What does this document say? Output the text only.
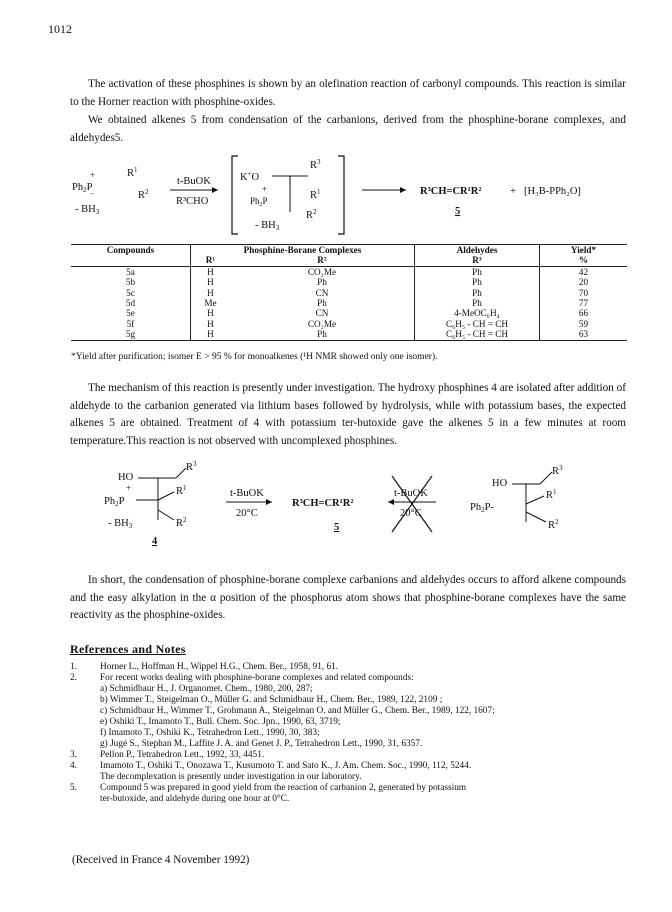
1012
The activation of these phosphines is shown by an olefination reaction of carbonyl compounds. This reaction is similar to the Horner reaction with phosphine-oxides.
We obtained alkenes 5 from condensation of the carbanions, derived from the phosphine-borane complexes, and aldehydes5.
+
Ph2P
⁻
- BH3
$R^1$
$R^2$
t-BuOK
R³CHO
K+O
$R^3$
+
$Ph_2P$	$R^1$
$R^2$
- BH3
R³CH=CR¹R²	+ [H₃B-PPh₂O]
5
Compounds	Phosphine-Borane Complexes		Aldehydes	Yield*
	R¹	R²	R³	%
5a	H	CO₂Me	Ph	42
5b	H	Ph	Ph	20
5c	H	CN	Ph	70
5d	Me	Ph	Ph	77
5e	H	CN	4-MeOC₆H₄	66
5f	H	CO₂Me	C₆H₅ - CH = CH	59
5g	H	Ph	C₆H₅ - CH = CH	63
*Yield after purification; isomer E > 95 % for monoalkenes (¹H NMR showed only one isomer).
The mechanism of this reaction is presently under investigation. The hydroxy phosphines 4 are isolated after addition of aldehyde to the carbanion generated via lithium bases followed by hydrolysis, while with potassium bases, the expected alkenes 5 are obtained. Treatment of 4 with potassium ter-butoxide gave the alkenes 5 in a few minutes at room temperature.This reaction is not observed with uncomplexed phosphines.
HO
$R^3$
+
Ph2P
$R^1$
$R^2$
- BH3
4
t-BuOK
20°C
R³CH=CR¹R²
5
t-BuOK
20°C
HO
$R^3$
Ph2P-
$R^1$
$R^2$
In short, the condensation of phosphine-borane complexe carbanions and aldehydes occurs to afford alkene compounds and the easy alkylation in the α position of the phosphorus atom shows that phosphine-borane complexes have the same reactivity as the phosphine-oxides.
References and Notes
1.	Horner L., Hoffman H., Wippel H.G., Chem. Ber., 1958, 91, 61.
2.	For recent works dealing with phosphine-borane complexes and related compounds:
a) Schmidbaur H., J. Organomet. Chem., 1980, 200, 287;
b) Wimmer T., Steigelman O., Müller G. and Schmidbaur H., Chem. Ber., 1989, 122, 2109 ;
c) Schmidbaur H., Wimmer T., Grohmann A., Steigelman O. and Müller G., Chem. Ber., 1989, 122, 1607;
e) Oshiki T., Imamoto T., Bull. Chem. Soc. Jpn., 1990, 63, 3719;
f) Imamoto T., Oshiki K., Tetrahedron Lett., 1990, 30, 383;
g) Jugé S., Stephan M., Laffite J. A. and Genet J. P., Tetrahedron Lett., 1990, 31, 6357.
3.	Pellon P., Tetrahedron Lett., 1992, 33, 4451.
4.	Imamoto T., Oshiki T., Onozawa T., Kusumoto T. and Sato K., J. Am. Chem. Soc., 1990, 112, 5244.
The decomplexation is presently under investigation in our laboratory.
5.	Compound 5 was prepared in good yield from the reaction of carbanion 2, generated by potassium
ter-butoxide, and aldehyde during one hour at 0°C.
(Received in France 4 November 1992)
